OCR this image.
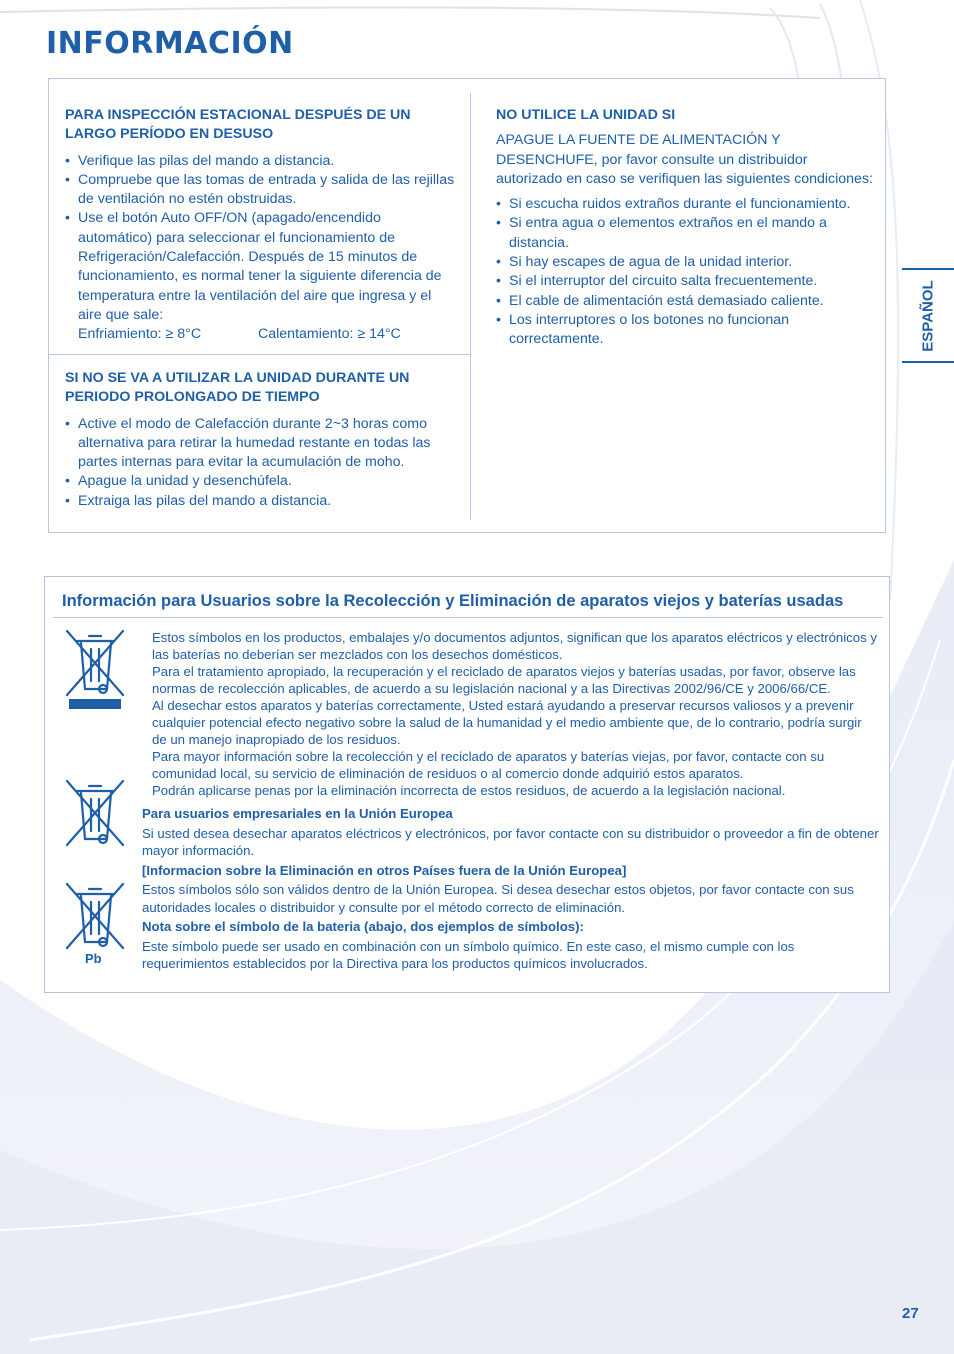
INFORMACIÓN
PARA INSPECCIÓN ESTACIONAL DESPUÉS DE UN LARGO PERÍODO EN DESUSO
• Verifique las pilas del mando a distancia.
• Compruebe que las tomas de entrada y salida de las rejillas de ventilación no estén obstruidas.
• Use el botón Auto OFF/ON (apagado/encendido automático) para seleccionar el funcionamiento de Refrigeración/Calefacción. Después de 15 minutos de funcionamiento, es normal tener la siguiente diferencia de temperatura entre la ventilación del aire que ingresa y el aire que sale:
Enfriamiento: ≥ 8°C	Calentamiento: ≥ 14°C
SI NO SE VA A UTILIZAR LA UNIDAD DURANTE UN PERIODO PROLONGADO DE TIEMPO
• Active el modo de Calefacción durante 2~3 horas como alternativa para retirar la humedad restante en todas las partes internas para evitar la acumulación de moho.
• Apague la unidad y desenchúfela.
• Extraiga las pilas del mando a distancia.
NO UTILICE LA UNIDAD SI

APAGUE LA FUENTE DE ALIMENTACIÓN Y DESENCHUFE, por favor consulte un distribuidor autorizado en caso se verifiquen las siguientes condiciones:

• Si escucha ruidos extraños durante el funcionamiento.
• Si entra agua o elementos extraños en el mando a distancia.
• Si hay escapes de agua de la unidad interior.
• Si el interruptor del circuito salta frecuentemente.
• El cable de alimentación está demasiado caliente.
• Los interruptores o los botones no funcionan correctamente.	ESPAÑOL
Información para Usuarios sobre la Recolección y Eliminación de aparatos viejos y baterías usadas
Pb

Estos símbolos en los productos, embalajes y/o documentos adjuntos, significan que los aparatos eléctricos y electrónicos y las baterías no deberían ser mezclados con los desechos domésticos.

Para el tratamiento apropiado, la recuperación y el reciclado de aparatos viejos y baterías usadas, por favor, observe las normas de recolección aplicables, de acuerdo a su legislación nacional y a las Directivas 2002/96/CE y 2006/66/CE.

Al desechar estos aparatos y baterías correctamente, Usted estará ayudando a preservar recursos valiosos y a prevenir cualquier potencial efecto negativo sobre la salud de la humanidad y el medio ambiente que, de lo contrario, podría surgir de un manejo inapropiado de los residuos.

Para mayor información sobre la recolección y el reciclado de aparatos y baterías viejas, por favor, contacte con su comunidad local, su servicio de eliminación de residuos o al comercio donde adquirió estos aparatos.

Podrán aplicarse penas por la eliminación incorrecta de estos residuos, de acuerdo a la legislación nacional.

Para usuarios empresariales en la Unión Europea

Si usted desea desechar aparatos eléctricos y electrónicos, por favor contacte con su distribuidor o proveedor a fin de obtener mayor información.

[Informacion sobre la Eliminación en otros Países fuera de la Unión Europea]

Estos símbolos sólo son válidos dentro de la Unión Europea. Si desea desechar estos objetos, por favor contacte con sus autoridades locales o distribuidor y consulte por el método correcto de eliminación.

Nota sobre el símbolo de la bateria (abajo, dos ejemplos de símbolos):

Este símbolo puede ser usado en combinación con un símbolo químico. En este caso, el mismo cumple con los requerimientos establecidos por la Directiva para los productos químicos involucrados.

27
